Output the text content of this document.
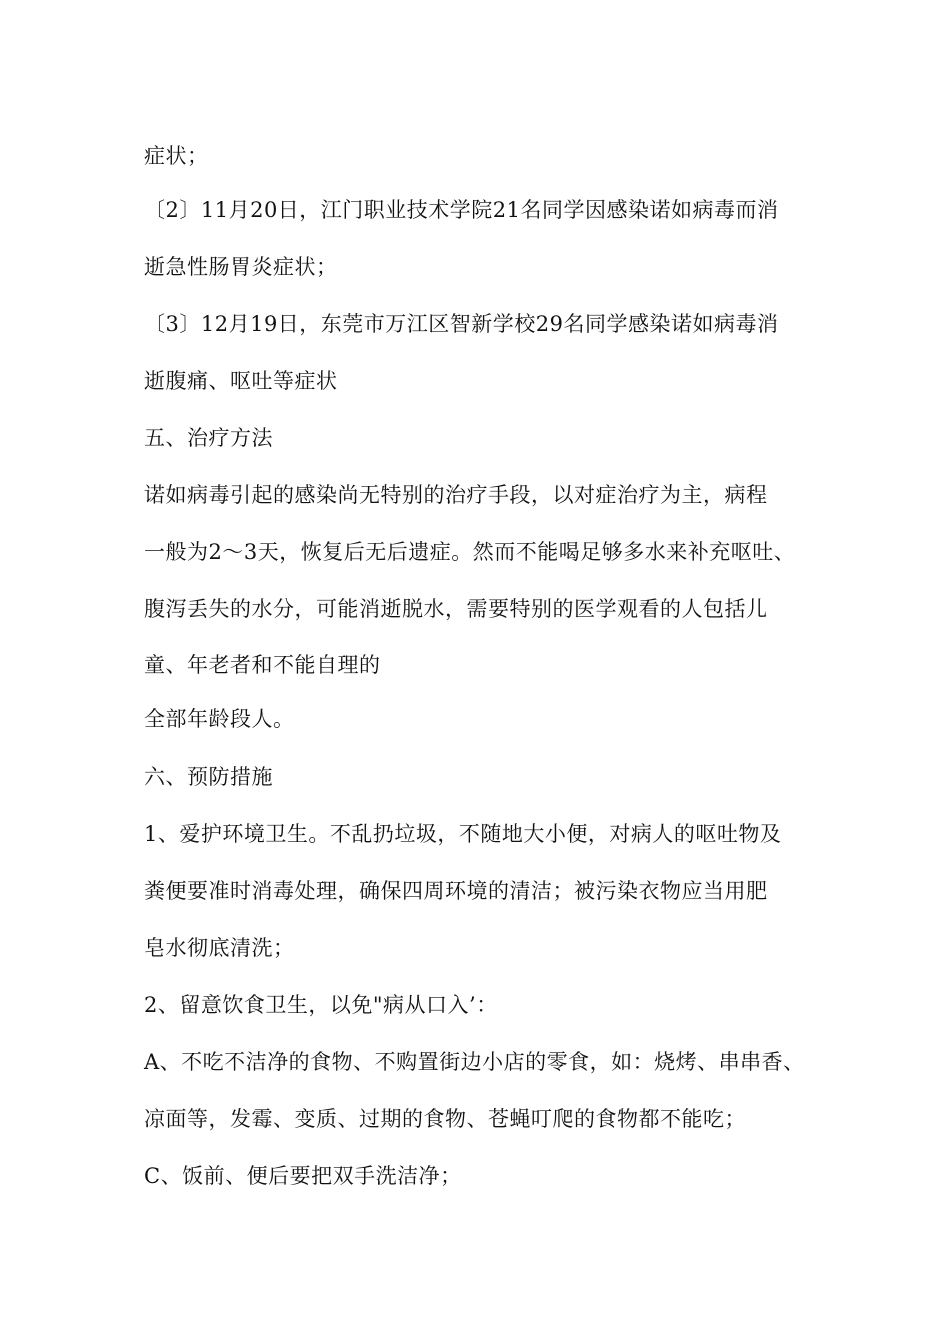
症状；
〔2〕11月20日，江门职业技术学院21名同学因感染诺如病毒而消
逝急性肠胃炎症状；
〔3〕12月19日，东莞市万江区智新学校29名同学感染诺如病毒消
逝腹痛、呕吐等症状
五、治疗方法
诺如病毒引起的感染尚无特别的治疗手段，以对症治疗为主，病程
一般为2～3天，恢复后无后遗症。然而不能喝足够多水来补充呕吐、
腹泻丢失的水分，可能消逝脱水，需要特别的医学观看的人包括儿
童、年老者和不能自理的
全部年龄段人。
六、预防措施
1、爱护环境卫生。不乱扔垃圾，不随地大小便，对病人的呕吐物及
粪便要准时消毒处理，确保四周环境的清洁；被污染衣物应当用肥
皂水彻底清洗；
2、留意饮食卫生，以免"病从口入’：
A、不吃不洁净的食物、不购置街边小店的零食，如：烧烤、串串香、
凉面等，发霉、变质、过期的食物、苍蝇叮爬的食物都不能吃；
C、饭前、便后要把双手洗洁净；
